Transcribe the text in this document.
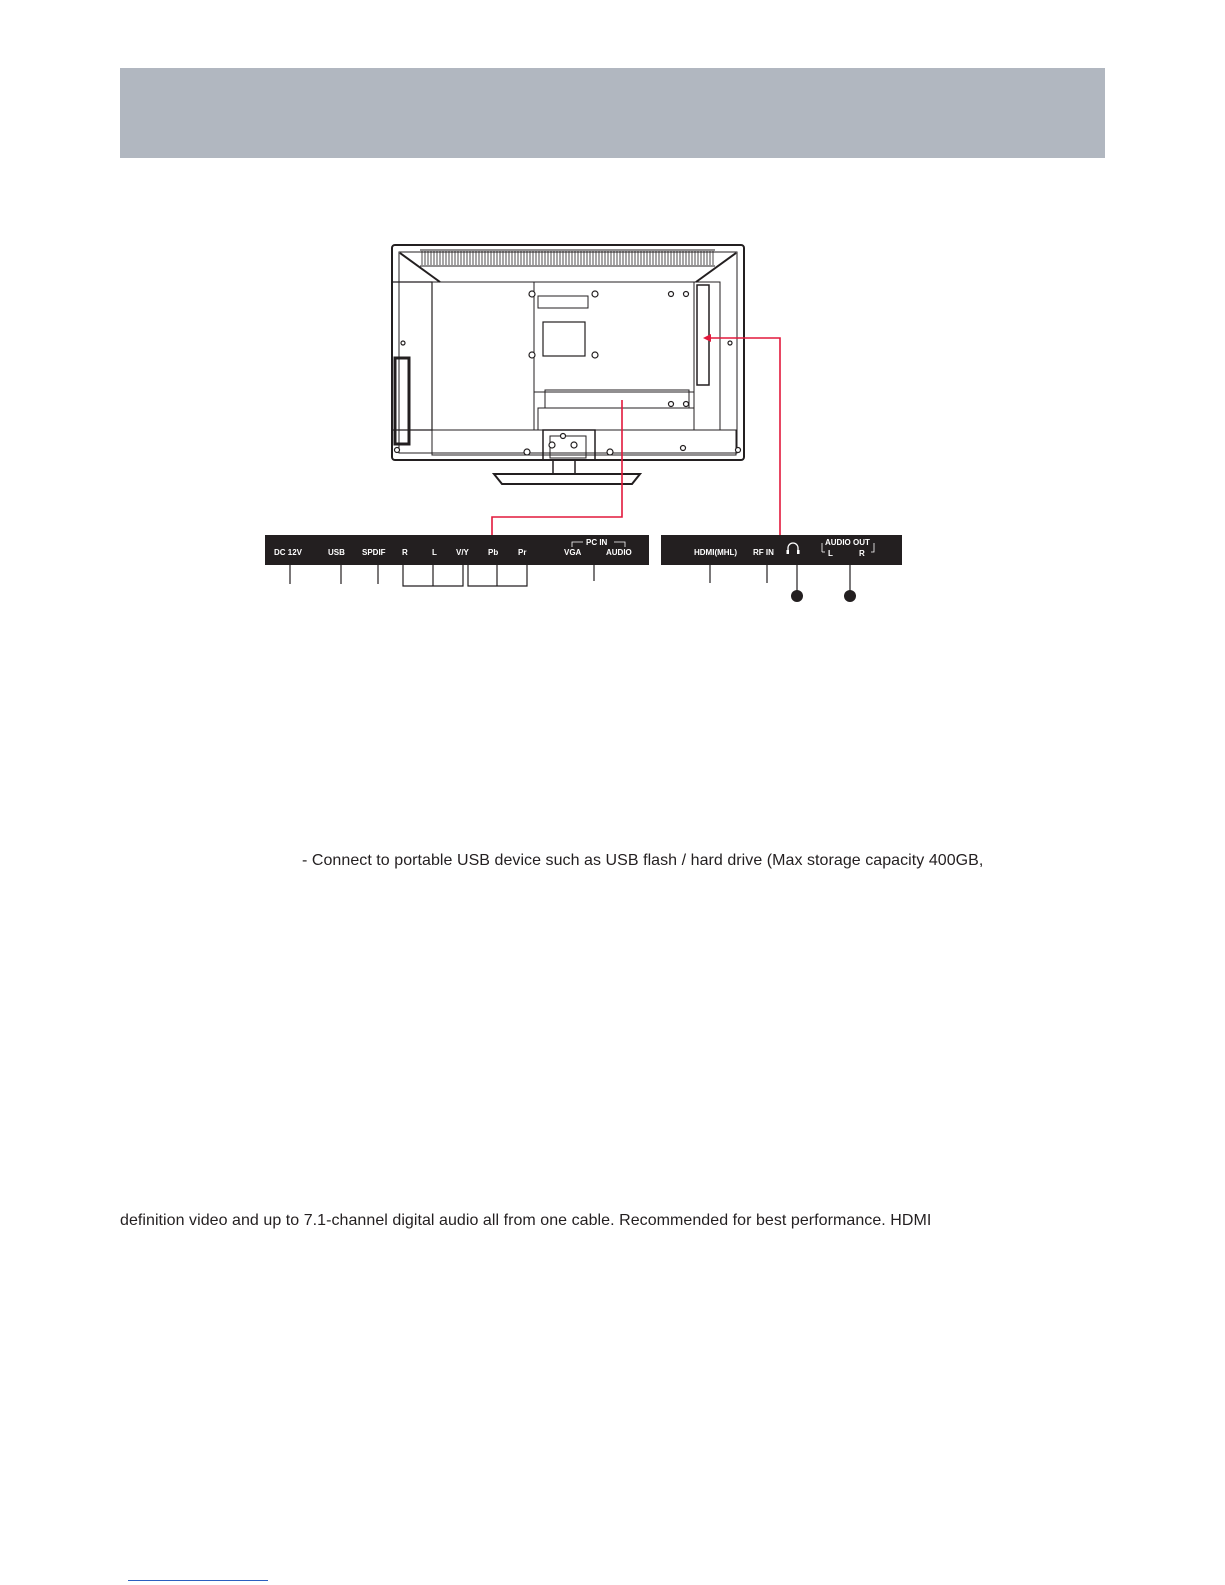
DC 12V	USB SPDIF R	L V/Y Pb Pr	VGA	AUDIO
PC IN
HDMI(MHL) RF IN
AUDIO OUT
L	R
- Connect to portable USB device such as USB flash / hard drive (Max storage capacity 400GB,
definition video and up to 7.1-channel digital audio all from one cable. Recommended for best performance. HDMI
